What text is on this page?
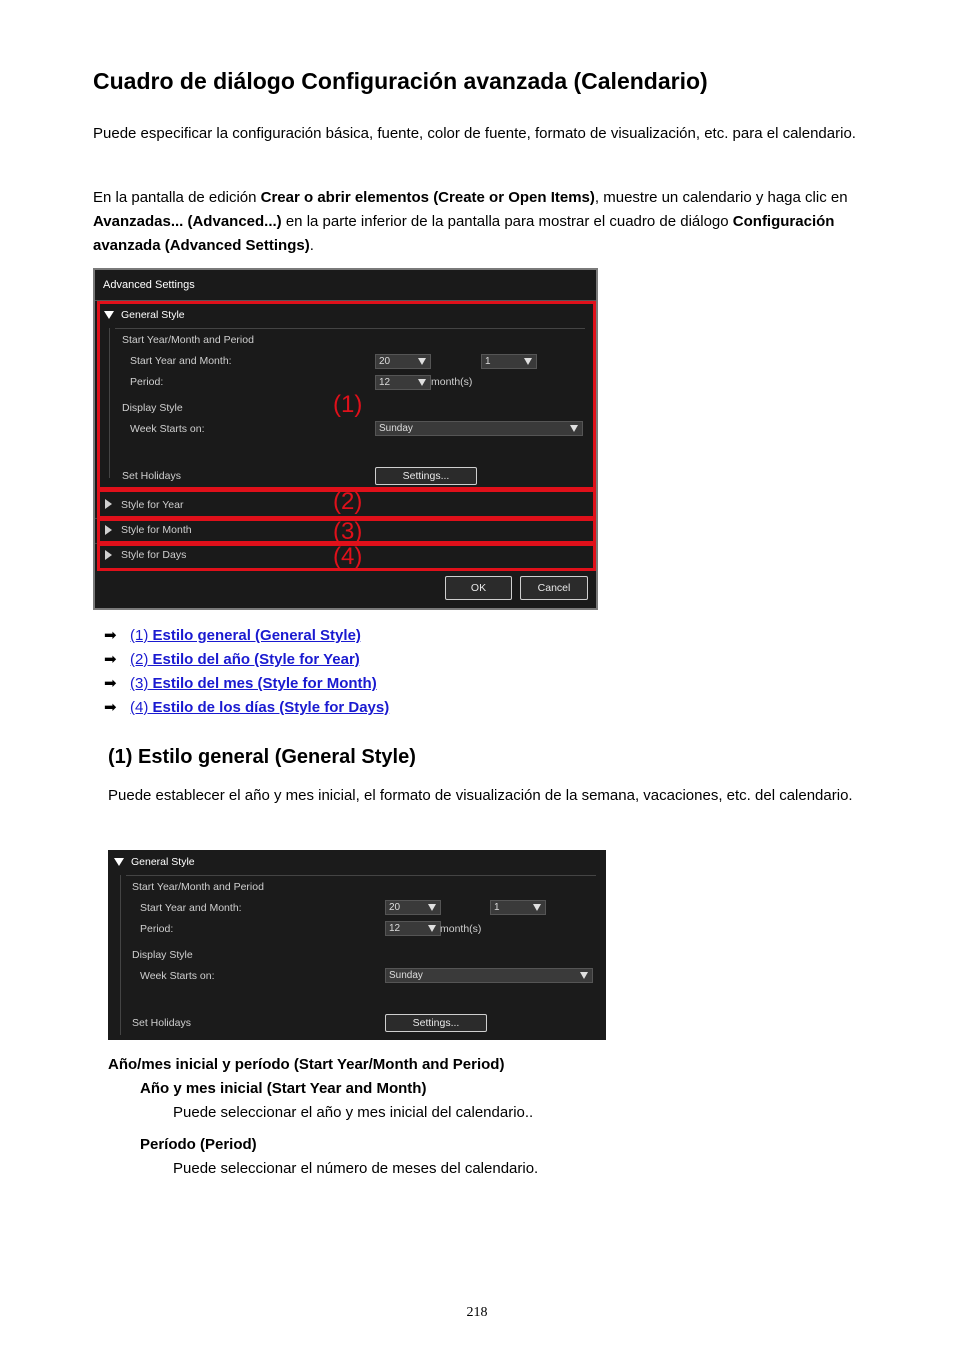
Cuadro de diálogo Configuración avanzada (Calendario)

Puede especificar la configuración básica, fuente, color de fuente, formato de visualización, etc. para el calendario.

En la pantalla de edición Crear o abrir elementos (Create or Open Items), muestre un calendario y haga clic en Avanzadas... (Advanced...) en la parte inferior de la pantalla para mostrar el cuadro de diálogo Configuración avanzada (Advanced Settings).

Advanced Settings
General Style
Start Year/Month and Period
Start Year and Month:	20	1
Period:	12	month(s)
Display Style
Week Starts on:	Sunday
Set Holidays	Settings...
Style for Year
Style for Month
Style for Days
OK	Cancel
(1)
(2)
(3)
(4)
➡ (1) Estilo general (General Style)
➡ (2) Estilo del año (Style for Year)
➡ (3) Estilo del mes (Style for Month)
➡ (4) Estilo de los días (Style for Days)
(1) Estilo general (General Style)

Puede establecer el año y mes inicial, el formato de visualización de la semana, vacaciones, etc. del calendario.

General Style
Start Year/Month and Period
Start Year and Month:	20	1
Period:	12	month(s)
Display Style
Week Starts on:	Sunday
Set Holidays	Settings...
Año/mes inicial y período (Start Year/Month and Period)
Año y mes inicial (Start Year and Month)
Puede seleccionar el año y mes inicial del calendario..
Período (Period)
Puede seleccionar el número de meses del calendario.
218
